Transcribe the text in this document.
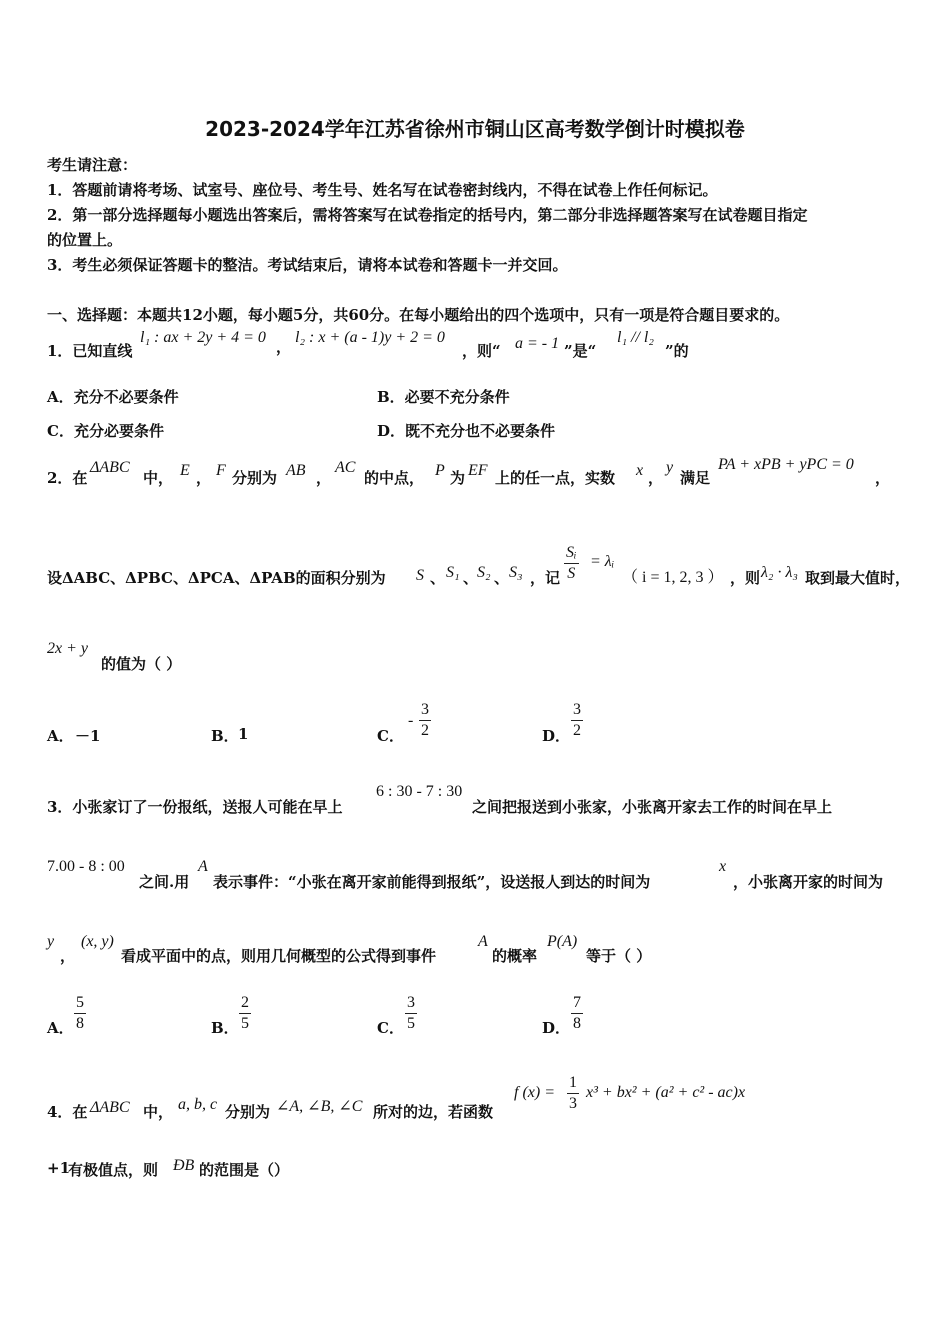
2023-2024学年江苏省徐州市铜山区高考数学倒计时模拟卷
考生请注意：
1．答题前请将考场、试室号、座位号、考生号、姓名写在试卷密封线内，不得在试卷上作任何标记。
2．第一部分选择题每小题选出答案后，需将答案写在试卷指定的括号内，第二部分非选择题答案写在试卷题目指定
的位置上。
3．考生必须保证答题卡的整洁。考试结束后，请将本试卷和答题卡一并交回。
一、选择题：本题共12小题，每小题5分，共60分。在每小题给出的四个选项中，只有一项是符合题目要求的。
1．已知直线
l₁ : ax + 2y + 4 = 0
，
l₂ : x + (a - 1)y + 2 = 0
，则“ a = - 1 ”是“
l₁ // l₂
”的
A．充分不必要条件	B．必要不充分条件
C．充分必要条件	D．既不充分也不必要条件
2．在
ΔABC
中， E ， F 分别为 AB ，
AC
的中点， P 为 EF 上的任一点，实数 x ，
y
满足
PA + xPB + yPC = 0
，
设ΔABC、ΔPBC、ΔPCA、ΔPAB的面积分别为 S 、 S₁ 、
S₂ 、 S₃ ，记 $\frac{\text{Sᵢ}}{S}$ = λᵢ
（ i = 1, 2, 3 ） ，则 λ₂ · λ₃ 取到最大值时，
2x + y
的值为（ ）
A． －1	B． 1	C．
- $\frac{3}{2}$	D． $\frac{3}{2}$
3．小张家订了一份报纸，送报人可能在早上
6 : 30 - 7 : 30
之间把报送到小张家，小张离开家去工作的时间在早上
7.00 - 8 : 00
之间.用
A
表示事件：“小张在离开家前能得到报纸”，设送报人到达的时间为
x
，小张离开家的时间为
y
，
(x, y)
看成平面中的点，则用几何概型的公式得到事件
A
的概率
P(A)
等于（ ）
A． $\frac{5}{8}$	B． $\frac{2}{5}$	C． $\frac{3}{5}$	D． $\frac{7}{8}$
4．在 ΔABC 中， a, b, c 分别为 ∠A, ∠B, ∠C 所对的边，若函数
f $(x) = \frac{1}{3} x^3 + bx^2 + (a^2 + c^2 - ac)x$
+1
有极值点，则 ÐB 的范围是（）
